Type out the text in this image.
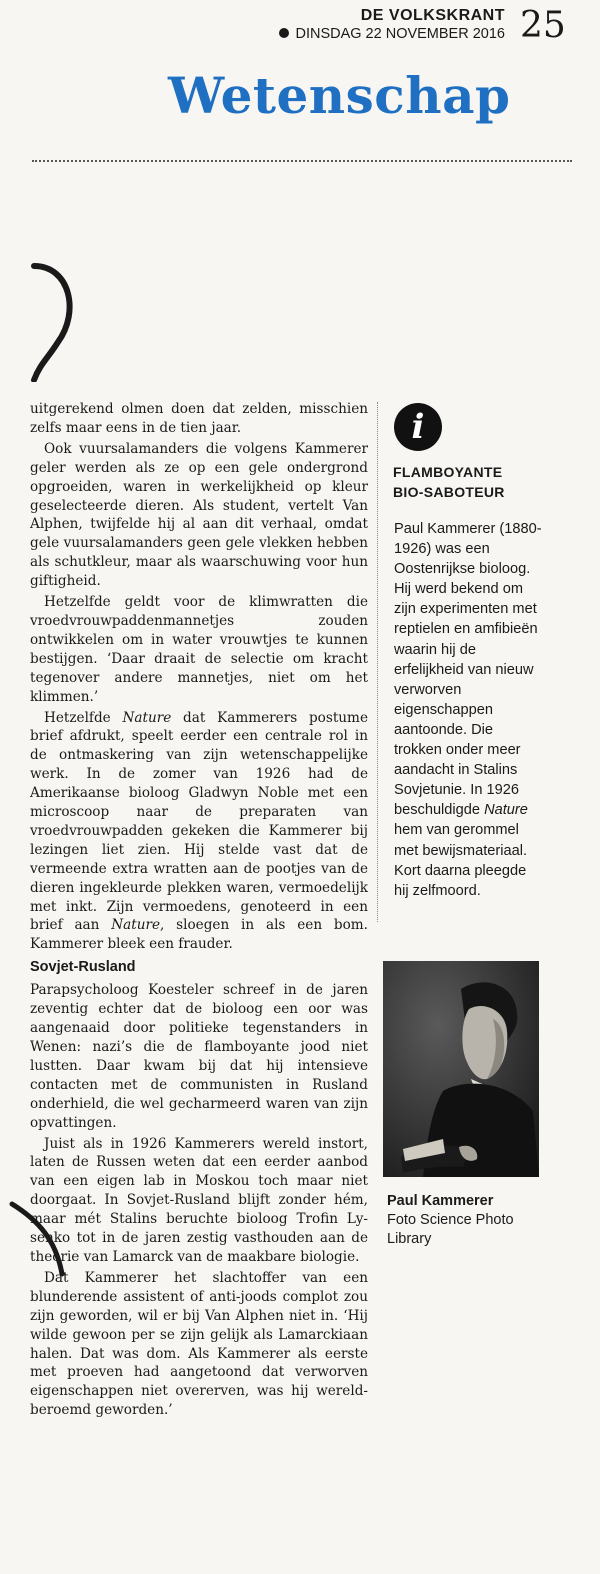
DE VOLKSKRANT
DINSDAG 22 NOVEMBER 2016 25
Wetenschap

uitgerekend olmen doen dat zelden, misschien zelfs maar eens in de tien jaar.

Ook vuursalamanders die volgens Kammerer geler werden als ze op een gele ondergrond opgroeiden, waren in werkelijkheid op kleur geselecteerde dieren. Als student, vertelt Van Alphen, twijfelde hij al aan dit verhaal, omdat gele vuursalamanders geen gele vlekken hebben als schutkleur, maar als waarschuwing voor hun giftigheid.

Hetzelfde geldt voor de klimwratten die vroedvrouwpaddenmannetjes zouden ontwikkelen om in water vrouwtjes te kunnen bestijgen. ‘Daar draait de selectie om kracht tegenover andere mannetjes, niet om het klimmen.’

Hetzelfde Nature dat Kammerers postume brief afdrukt, speelt eerder een centrale rol in de ontmaskering van zijn wetenschappelijke werk. In de zomer van 1926 had de Amerikaanse bioloog Gladwyn Noble met een microscoop naar de preparaten van vroedvrouwpadden gekeken die Kammerer bij lezingen liet zien. Hij stelde vast dat de vermeende extra wratten aan de pootjes van de dieren ingekleurde plekken waren, vermoedelijk met inkt. Zijn vermoedens, genoteerd in een brief aan Nature, sloegen in als een bom. Kammerer bleek een frauder.

Sovjet-Rusland

Parapsycholoog Koesteler schreef in de jaren zeventig echter dat de bioloog een oor was aangenaaid door politieke tegenstanders in Wenen: nazi’s die de flamboyante jood niet lustten. Daar kwam bij dat hij intensieve contacten met de communisten in Rusland onderhield, die wel gecharmeerd waren van zijn opvattingen.

Juist als in 1926 Kammerers wereld instort, laten de Russen weten dat een eerder aanbod van een eigen lab in Moskou toch maar niet doorgaat. In Sovjet-Rusland blijft zonder hém, maar mét Stalins beruchte bioloog Trofin Lysenko tot in de jaren zestig vasthouden aan de theorie van Lamarck van de maakbare biologie.

Dat Kammerer het slachtoffer van een blunderende assistent of anti-joods complot zou zijn geworden, wil er bij Van Alphen niet in. ‘Hij wilde gewoon per se zijn gelijk als Lamarckiaan halen. Dat was dom. Als Kammerer als eerste met proeven had aangetoond dat verworven eigenschappen niet overerven, was hij wereldberoemd geworden.’

i
FLAMBOYANTE
BIO-SABOTEUR

Paul Kammerer (1880-1926) was een Oostenrijkse bioloog. Hij werd bekend om zijn experimenten met reptielen en amfibieën waarin hij de erfelijkheid van nieuw verworven eigenschappen aantoonde. Die trokken onder meer aandacht in Stalins Sovjetunie. In 1926 beschuldigde Nature hem van gerommel met bewijsmateriaal. Kort daarna pleegde hij zelfmoord.

Paul Kammerer
Foto Science Photo Library
